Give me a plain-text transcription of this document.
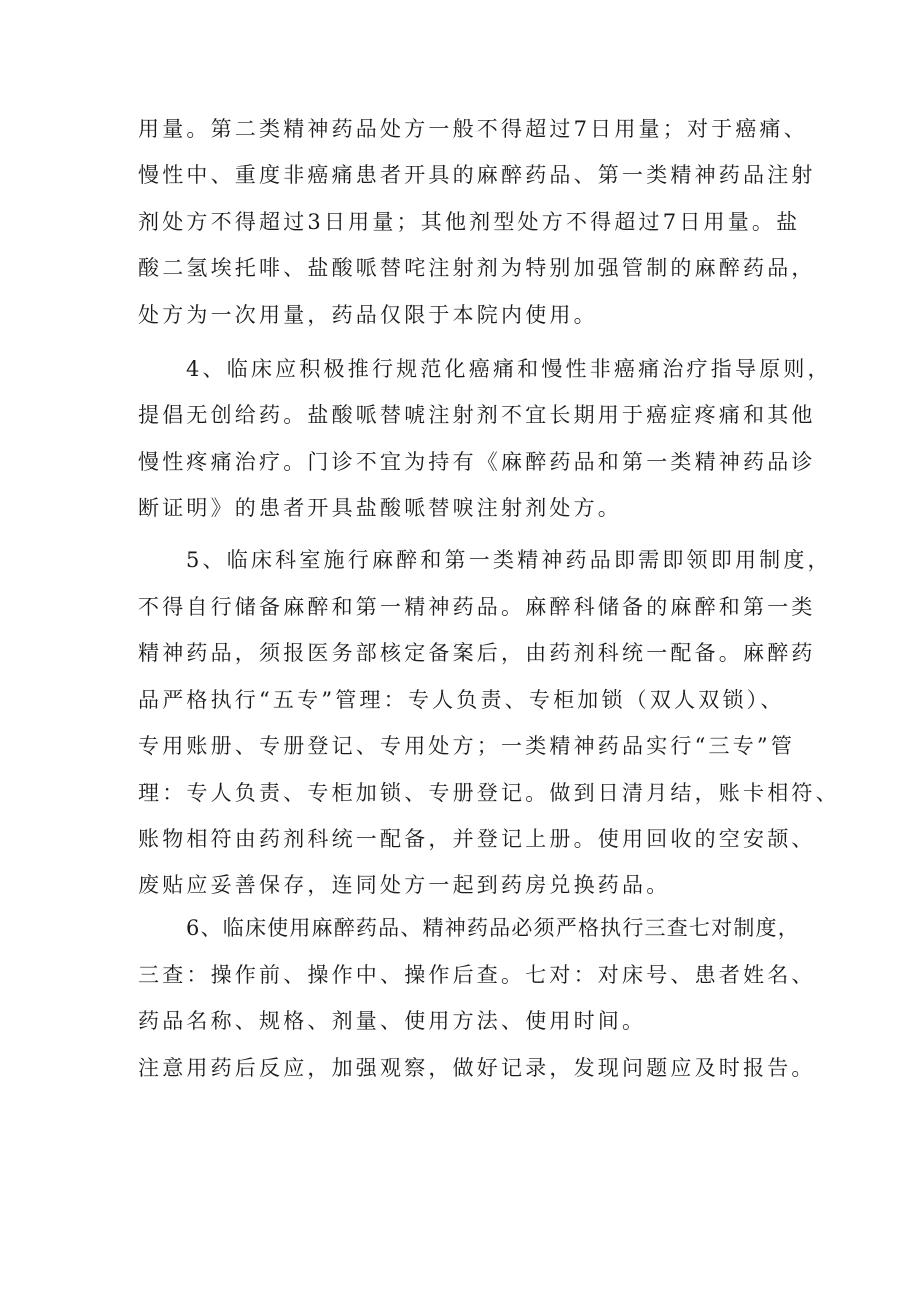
用量。第二类精神药品处方一般不得超过7日用量；对于癌痛、
慢性中、重度非癌痛患者开具的麻醉药品、第一类精神药品注射
剂处方不得超过3日用量；其他剂型处方不得超过7日用量。盐
酸二氢埃托啡、盐酸哌替咤注射剂为特别加强管制的麻醉药品，
处方为一次用量，药品仅限于本院内使用。
4、临床应积极推行规范化癌痛和慢性非癌痛治疗指导原则，
提倡无创给药。盐酸哌替唬注射剂不宜长期用于癌症疼痛和其他
慢性疼痛治疗。门诊不宜为持有《麻醉药品和第一类精神药品诊
断证明》的患者开具盐酸哌替唳注射剂处方。
5、临床科室施行麻醉和第一类精神药品即需即领即用制度，
不得自行储备麻醉和第一精神药品。麻醉科储备的麻醉和第一类
精神药品，须报医务部核定备案后，由药剂科统一配备。麻醉药
品严格执行“五专”管理：专人负责、专柜加锁（双人双锁）、
专用账册、专册登记、专用处方；一类精神药品实行“三专”管
理：专人负责、专柜加锁、专册登记。做到日清月结，账卡相符、
账物相符由药剂科统一配备，并登记上册。使用回收的空安颉、
废贴应妥善保存，连同处方一起到药房兑换药品。
6、临床使用麻醉药品、精神药品必须严格执行三查七对制度，
三查：操作前、操作中、操作后查。七对：对床号、患者姓名、
药品名称、规格、剂量、使用方法、使用时间。
注意用药后反应，加强观察，做好记录，发现问题应及时报告。
